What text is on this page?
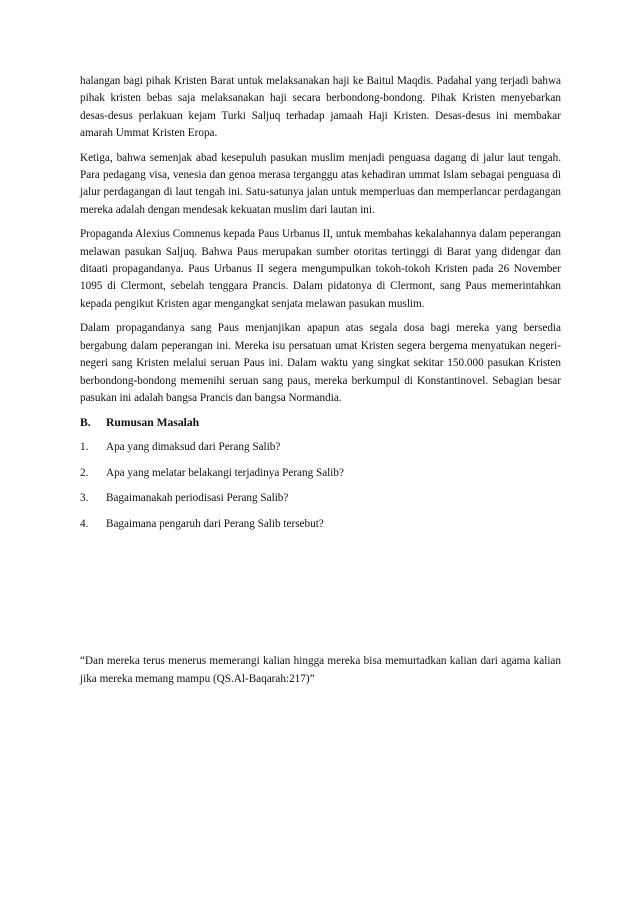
halangan bagi pihak Kristen Barat untuk melaksanakan haji ke Baitul Maqdis. Padahal yang terjadi bahwa pihak kristen bebas saja melaksanakan haji secara berbondong-bondong. Pihak Kristen menyebarkan desas-desus perlakuan kejam Turki Saljuq terhadap jamaah Haji Kristen. Desas-desus ini membakar amarah Ummat Kristen Eropa.

Ketiga, bahwa semenjak abad kesepuluh pasukan muslim menjadi penguasa dagang di jalur laut tengah. Para pedagang visa, venesia dan genoa merasa terganggu atas kehadiran ummat Islam sebagai penguasa di jalur perdagangan di laut tengah ini. Satu-satunya jalan untuk memperluas dan memperlancar perdagangan mereka adalah dengan mendesak kekuatan muslim dari lautan ini.

Propaganda Alexius Comnenus kepada Paus Urbanus II, untuk membahas kekalahannya dalam peperangan melawan pasukan Saljuq. Bahwa Paus merupakan sumber otoritas tertinggi di Barat yang didengar dan ditaati propagandanya. Paus Urbanus II segera mengumpulkan tokoh-tokoh Kristen pada 26 November 1095 di Clermont, sebelah tenggara Prancis. Dalam pidatonya di Clermont, sang Paus memerintahkan kepada pengikut Kristen agar mengangkat senjata melawan pasukan muslim.

Dalam propagandanya sang Paus menjanjikan apapun atas segala dosa bagi mereka yang bersedia bergabung dalam peperangan ini. Mereka isu persatuan umat Kristen segera bergema menyatukan negeri-negeri sang Kristen melalui seruan Paus ini. Dalam waktu yang singkat sekitar 150.000 pasukan Kristen berbondong-bondong memenihi seruan sang paus, mereka berkumpul di Konstantinovel. Sebagian besar pasukan ini adalah bangsa Prancis dan bangsa Normandia.

B.	Rumusan Masalah
1.	Apa yang dimaksud dari Perang Salib?
2.	Apa yang melatar belakangi terjadinya Perang Salib?
3.	Bagaimanakah periodisasi Perang Salib?
4.	Bagaimana pengaruh dari Perang Salib tersebut?

“Dan mereka terus menerus memerangi kalian hingga mereka bisa memurtadkan kalian dari agama kalian jika mereka memang mampu (QS.Al-Baqarah:217)”
